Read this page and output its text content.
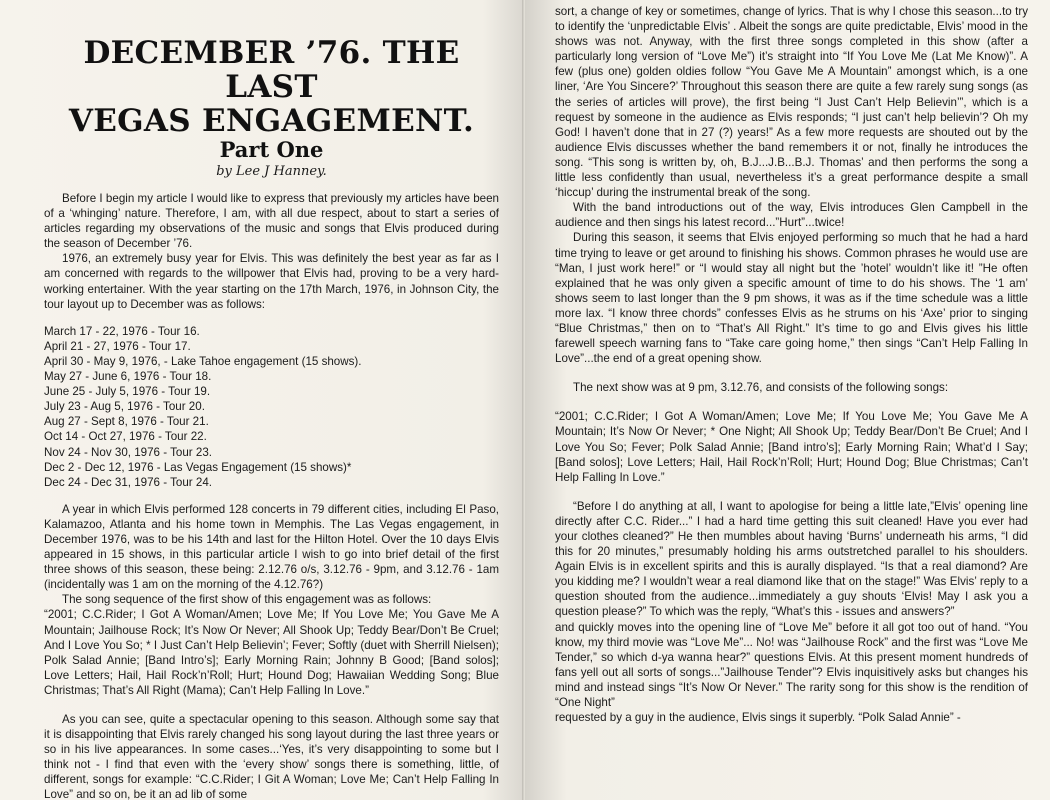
DECEMBER ’76. THE LAST
VEGAS ENGAGEMENT.
Part One
by Lee J Hanney.

Before I begin my article I would like to express that previously my articles have been of a ‘whinging’ nature. Therefore, I am, with all due respect, about to start a series of articles regarding my observations of the music and songs that Elvis produced during the season of December ’76.

1976, an extremely busy year for Elvis. This was definitely the best year as far as I am concerned with regards to the willpower that Elvis had, proving to be a very hard-working entertainer. With the year starting on the 17th March, 1976, in Johnson City, the tour layout up to December was as follows:

March 17 - 22, 1976 - Tour 16.
April 21 - 27, 1976 - Tour 17.
April 30 - May 9, 1976, - Lake Tahoe engagement (15 shows).
May 27 - June 6, 1976 - Tour 18.
June 25 - July 5, 1976 - Tour 19.
July 23 - Aug 5, 1976 - Tour 20.
Aug 27 - Sept 8, 1976 - Tour 21.
Oct 14 - Oct 27, 1976 - Tour 22.
Nov 24 - Nov 30, 1976 - Tour 23.
Dec 2 - Dec 12, 1976 - Las Vegas Engagement (15 shows)*
Dec 24 - Dec 31, 1976 - Tour 24.

A year in which Elvis performed 128 concerts in 79 different cities, including El Paso, Kalamazoo, Atlanta and his home town in Memphis. The Las Vegas engagement, in December 1976, was to be his 14th and last for the Hilton Hotel. Over the 10 days Elvis appeared in 15 shows, in this particular article I wish to go into brief detail of the first three shows of this season, these being: 2.12.76 o/s, 3.12.76 - 9pm, and 3.12.76 - 1am (incidentally was 1 am on the morning of the 4.12.76?)

The song sequence of the first show of this engagement was as follows:

“2001; C.C.Rider; I Got A Woman/Amen; Love Me; If You Love Me; You Gave Me A Mountain; Jailhouse Rock; It’s Now Or Never; All Shook Up; Teddy Bear/Don’t Be Cruel; And I Love You So; * I Just Can’t Help Believin’; Fever; Softly (duet with Sherrill Nielsen); Polk Salad Annie; [Band Intro’s]; Early Morning Rain; Johnny B Good; [Band solos]; Love Letters; Hail, Hail Rock’n’Roll; Hurt; Hound Dog; Hawaiian Wedding Song; Blue Christmas; That’s All Right (Mama); Can’t Help Falling In Love.”

As you can see, quite a spectacular opening to this season. Although some say that it is disappointing that Elvis rarely changed his song layout during the last three years or so in his live appearances. In some cases...‘Yes, it’s very disappointing to some but I think not - I find that even with the ‘every show’ songs there is something, little, of different, songs for example: “C.C.Rider; I Git A Woman; Love Me; Can’t Help Falling In Love” and so on, be it an ad lib of some

sort, a change of key or sometimes, change of lyrics. That is why I chose this season...to try to identify the ‘unpredictable Elvis’ . Albeit the songs are quite predictable, Elvis’ mood in the shows was not. Anyway, with the first three songs completed in this show (after a particularly long version of “Love Me”) it’s straight into “If You Love Me (Lat Me Know)”. A few (plus one) golden oldies follow “You Gave Me A Mountain” amongst which, is a one liner, ‘Are You Sincere?’ Throughout this season there are quite a few rarely sung songs (as the series of articles will prove), the first being “I Just Can’t Help Believin’”, which is a request by someone in the audience as Elvis responds; “I just can’t help believin’? Oh my God! I haven’t done that in 27 (?) years!” As a few more requests are shouted out by the audience Elvis discusses whether the band remembers it or not, finally he introduces the song. “This song is written by, oh, B.J...J.B...B.J. Thomas’ and then performs the song a little less confidently than usual, nevertheless it’s a great performance despite a small ‘hiccup’ during the instrumental break of the song.

With the band introductions out of the way, Elvis introduces Glen Campbell in the audience and then sings his latest record...”Hurt”...twice!

During this season, it seems that Elvis enjoyed performing so much that he had a hard time trying to leave or get around to finishing his shows. Common phrases he would use are “Man, I just work here!” or “I would stay all night but the ’hotel’ wouldn’t like it! ”He often explained that he was only given a specific amount of time to do his shows. The ‘1 am’ shows seem to last longer than the 9 pm shows, it was as if the time schedule was a little more lax. “I know three chords” confesses Elvis as he strums on his ‘Axe’ prior to singing “Blue Christmas,” then on to “That’s All Right.” It’s time to go and Elvis gives his little farewell speech warning fans to “Take care going home,” then sings “Can’t Help Falling In Love”...the end of a great opening show.

The next show was at 9 pm, 3.12.76, and consists of the following songs:

“2001; C.C.Rider; I Got A Woman/Amen; Love Me; If You Love Me; You Gave Me A Mountain; It’s Now Or Never; * One Night; All Shook Up; Teddy Bear/Don’t Be Cruel; And I Love You So; Fever; Polk Salad Annie; [Band intro’s]; Early Morning Rain; What’d I Say; [Band solos]; Love Letters; Hail, Hail Rock’n’Roll; Hurt; Hound Dog; Blue Christmas; Can’t Help Falling In Love.”

“Before I do anything at all, I want to apologise for being a little late,”Elvis’ opening line directly after C.C. Rider...” I had a hard time getting this suit cleaned! Have you ever had your clothes cleaned?” He then mumbles about having ‘Burns’ underneath his arms, “I did this for 20 minutes,” presumably holding his arms outstretched parallel to his shoulders. Again Elvis is in excellent spirits and this is aurally displayed. “Is that a real diamond? Are you kidding me? I wouldn’t wear a real diamond like that on the stage!” Was Elvis’ reply to a question shouted from the audience...immediately a guy shouts ‘Elvis! May I ask you a question please?” To which was the reply, “What’s this - issues and answers?”

and quickly moves into the opening line of “Love Me” before it all got too out of hand. “You know, my third movie was “Love Me”... No! was “Jailhouse Rock” and the first was “Love Me Tender,” so which d-ya wanna hear?” questions Elvis. At this present moment hundreds of fans yell out all sorts of songs...”Jailhouse Tender”? Elvis inquisitively asks but changes his mind and instead sings “It’s Now Or Never.” The rarity song for this show is the rendition of “One Night”

requested by a guy in the audience, Elvis sings it superbly. “Polk Salad Annie” -
